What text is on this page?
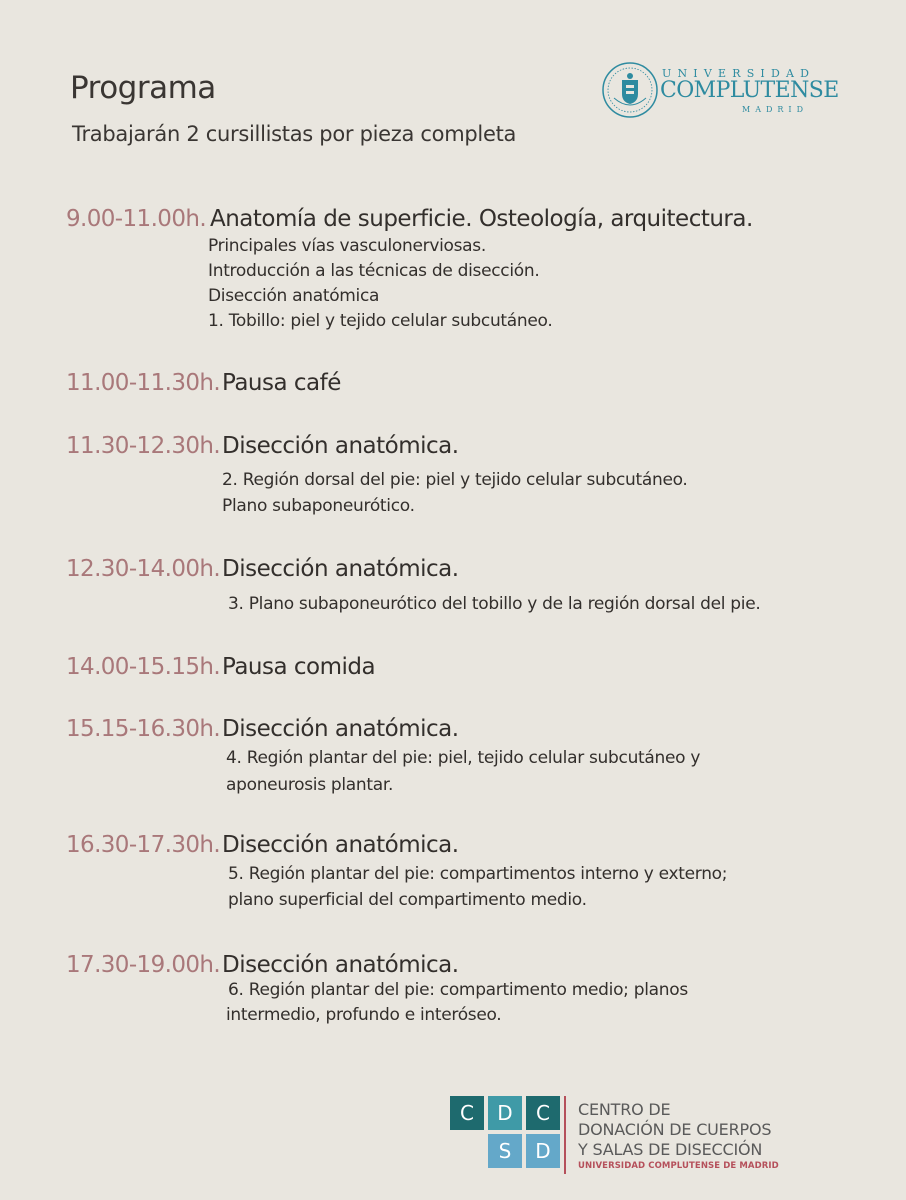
Programa
Trabajarán 2 cursillistas por pieza completa
UNIVERSIDAD
COMPLUTENSE
MADRID
9.00-11.00h. Anatomía de superficie. Osteología, arquitectura.
Principales vías vasculonerviosas.
Introducción a las técnicas de disección.
Disección anatómica
1. Tobillo: piel y tejido celular subcutáneo.
11.00-11.30h. Pausa café
11.30-12.30h. Disección anatómica.
2. Región dorsal del pie: piel y tejido celular subcutáneo.
Plano subaponeurótico.
12.30-14.00h. Disección anatómica.
3. Plano subaponeurótico del tobillo y de la región dorsal del pie.
14.00-15.15h. Pausa comida
15.15-16.30h. Disección anatómica.
4. Región plantar del pie: piel, tejido celular subcutáneo y
aponeurosis plantar.
16.30-17.30h. Disección anatómica.
5. Región plantar del pie: compartimentos interno y externo;
plano superficial del compartimento medio.
17.30-19.00h. Disección anatómica.
6. Región plantar del pie: compartimento medio; planos
intermedio, profundo e interóseo.
C	D	C
S	D
CENTRO DE
DONACIÓN DE CUERPOS
Y SALAS DE DISECCIÓN
UNIVERSIDAD COMPLUTENSE DE MADRID
